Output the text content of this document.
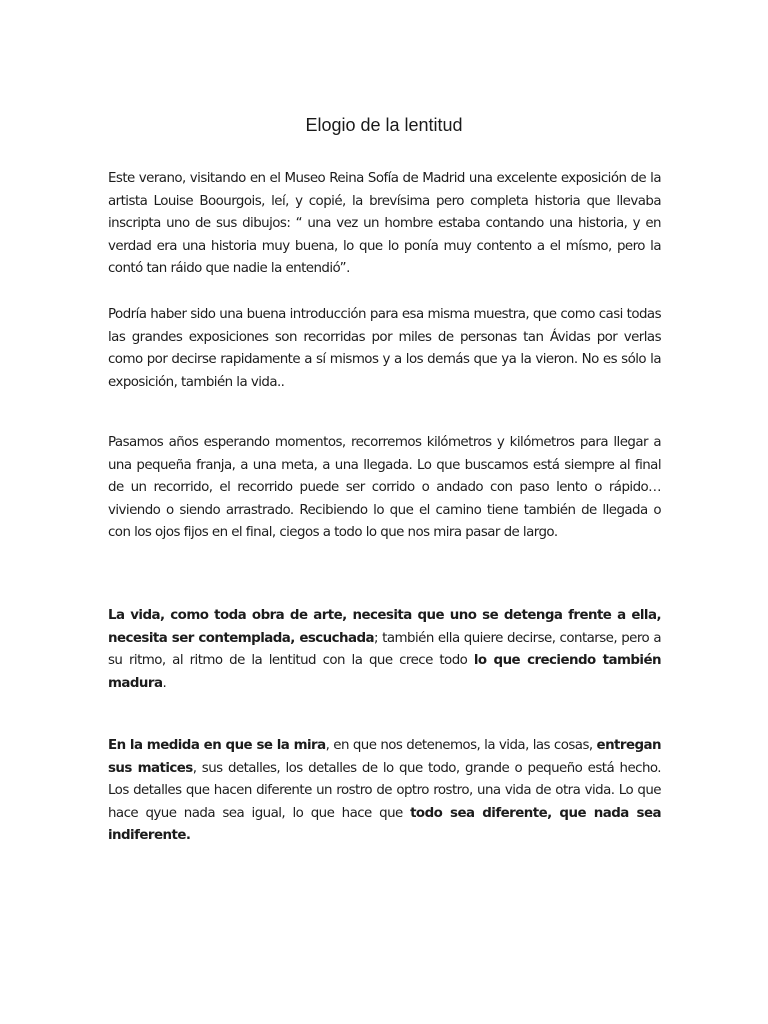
Elogio de la lentitud

Este verano, visitando en el Museo Reina Sofía de Madrid una excelente exposición de la artista Louise Boourgois, leí, y copié, la brevísima pero completa historia que llevaba inscripta uno de sus dibujos: “ una vez un hombre estaba contando una historia, y en verdad era una historia muy buena, lo que lo ponía muy contento a el mísmo, pero la contó tan ráido que nadie la entendió”.

Podría haber sido una buena introducción para esa misma muestra, que como casi todas las grandes exposiciones son recorridas por miles de personas tan Ávidas por verlas como por decirse rapidamente a sí mismos y a los demás que ya la vieron. No es sólo la exposición, también la vida..

Pasamos años esperando momentos, recorremos kilómetros y kilómetros para llegar a una pequeña franja, a una meta, a una llegada. Lo que buscamos está siempre al final de un recorrido, el recorrido puede ser corrido o andado con paso lento o rápido… viviendo o siendo arrastrado. Recibiendo lo que el camino tiene también de llegada o con los ojos fijos en el final, ciegos a todo lo que nos mira pasar de largo.

La vida, como toda obra de arte, necesita que uno se detenga frente a ella, necesita ser contemplada, escuchada; también ella quiere decirse, contarse, pero a su ritmo, al ritmo de la lentitud con la que crece todo lo que creciendo también madura.

En la medida en que se la mira, en que nos detenemos, la vida, las cosas, entregan sus matices, sus detalles, los detalles de lo que todo, grande o pequeño está hecho. Los detalles que hacen diferente un rostro de optro rostro, una vida de otra vida. Lo que hace qyue nada sea igual, lo que hace que todo sea diferente, que nada sea indiferente.
